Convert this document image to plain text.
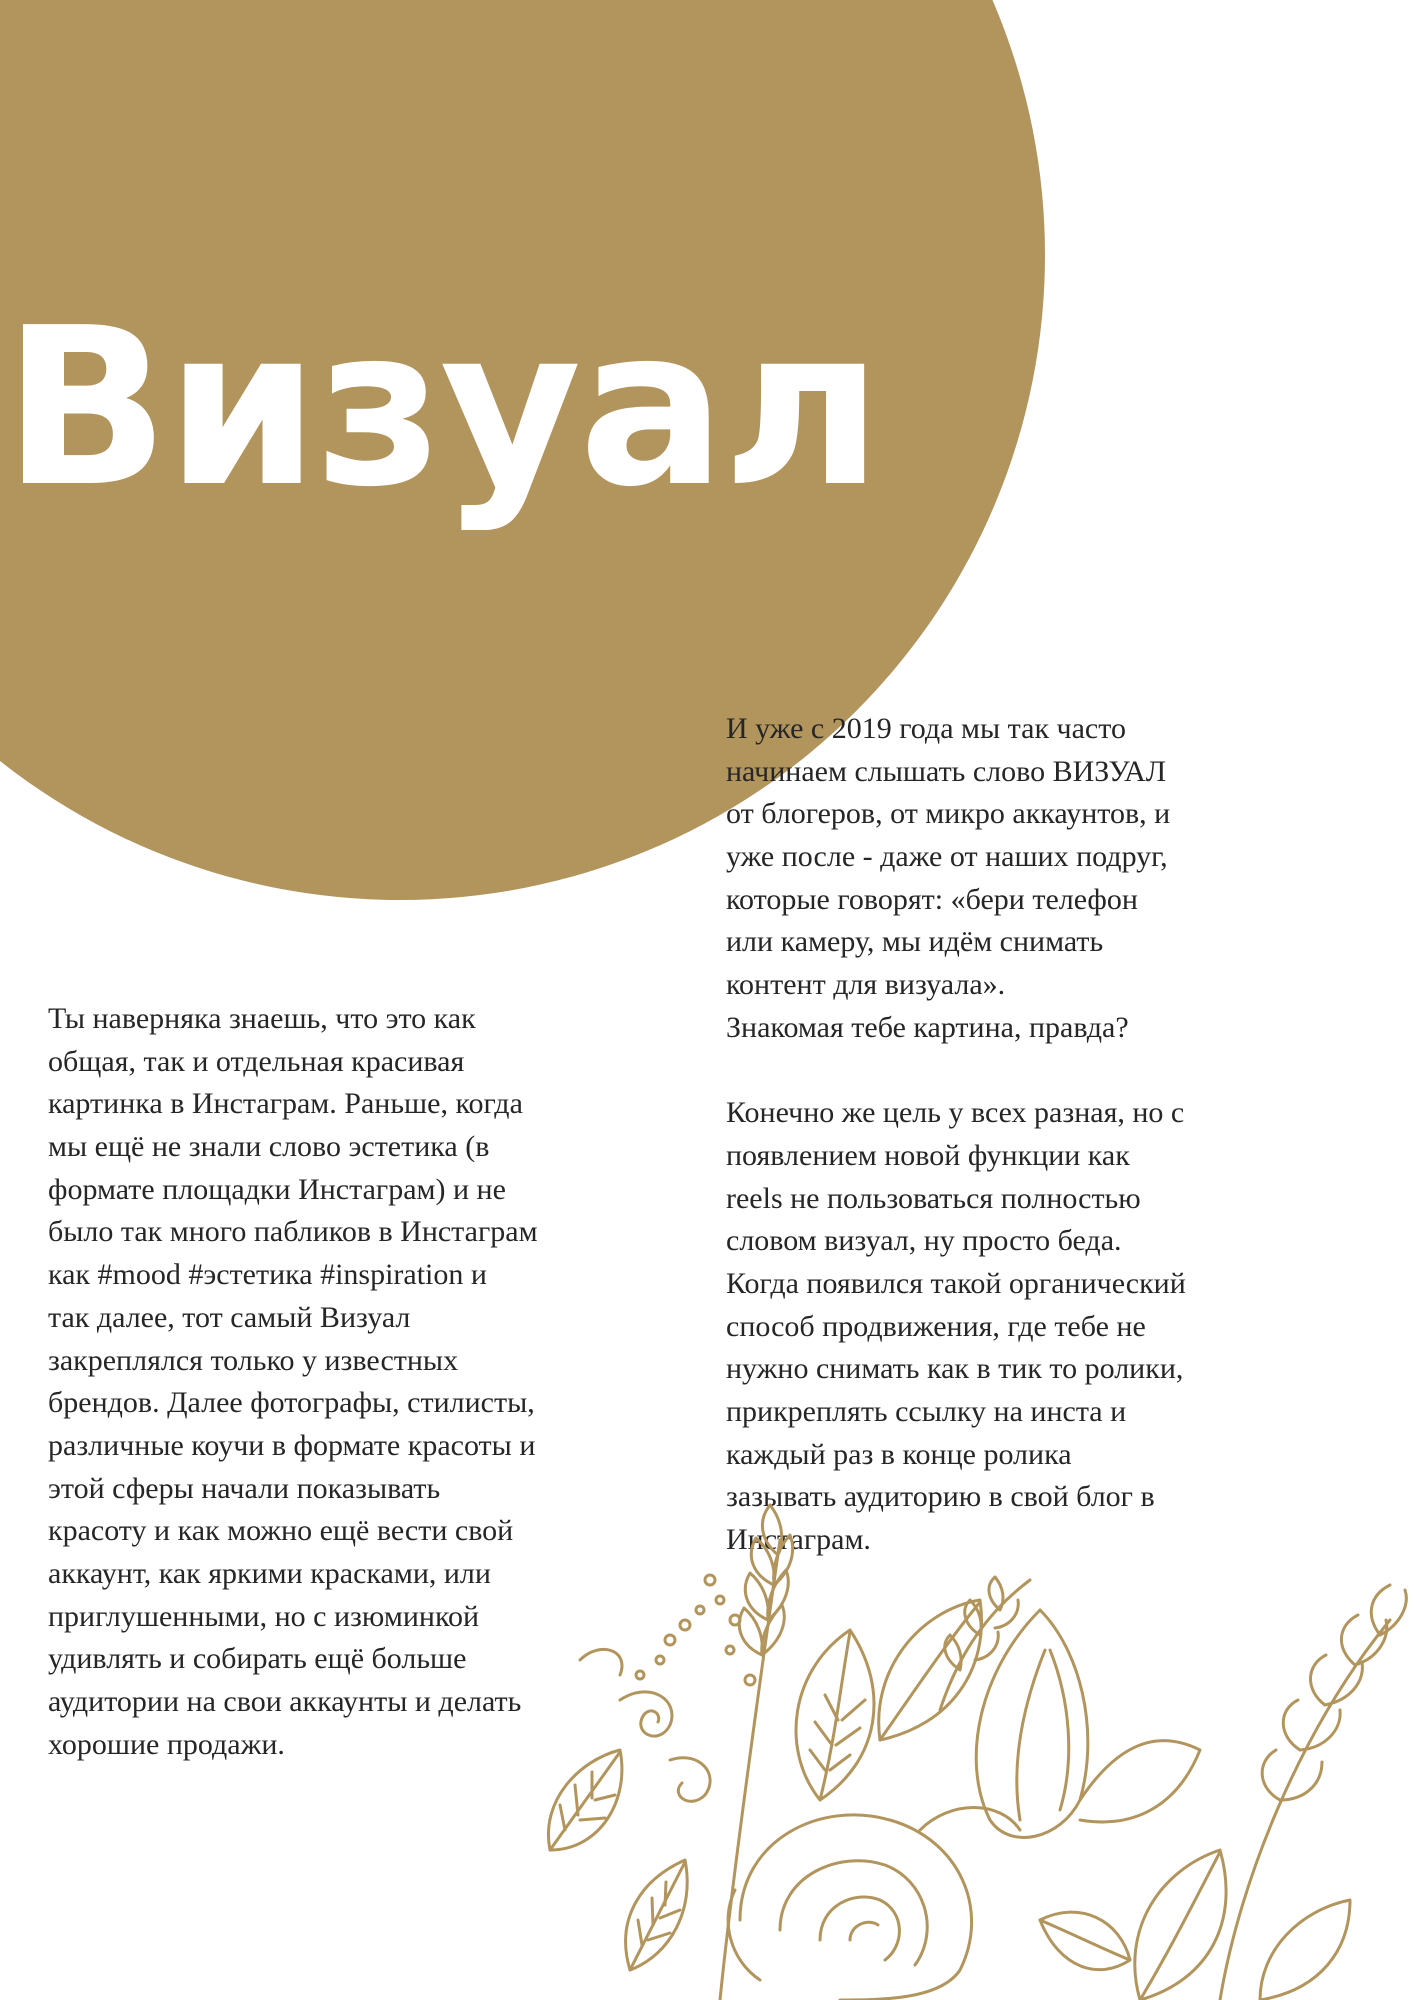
Визуал
И уже с 2019 года мы так часто
начинаем слышать слово ВИЗУАЛ
от блогеров, от микро аккаунтов, и
уже после - даже от наших подруг,
которые говорят: «бери телефон
или камеру, мы идём снимать
контент для визуала».
Знакомая тебе картина, правда?
Конечно же цель у всех разная, но с
появлением новой функции как
reels не пользоваться полностью
словом визуал, ну просто беда.
Когда появился такой органический
способ продвижения, где тебе не
нужно снимать как в тик то ролики,
прикреплять ссылку на инста и
каждый раз в конце ролика
зазывать аудиторию в свой блог в
Инстаграм.
Ты наверняка знаешь, что это как
общая, так и отдельная красивая
картинка в Инстаграм. Раньше, когда
мы ещё не знали слово эстетика (в
формате площадки Инстаграм) и не
было так много пабликов в Инстаграм
как #mood #эстетика #inspiration и
так далее, тот самый Визуал
закреплялся только у известных
брендов. Далее фотографы, стилисты,
различные коучи в формате красоты и
этой сферы начали показывать
красоту и как можно ещё вести свой
аккаунт, как яркими красками, или
приглушенными, но с изюминкой
удивлять и собирать ещё больше
аудитории на свои аккаунты и делать
хорошие продажи.
